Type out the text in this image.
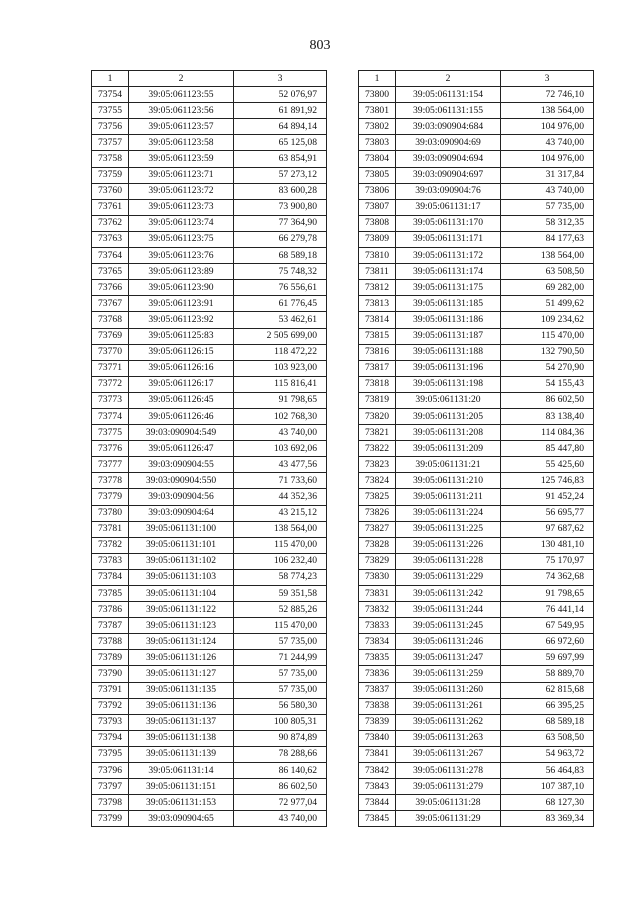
803
1	2	3
73754	39:05:061123:55	52 076,97
73755	39:05:061123:56	61 891,92
73756	39:05:061123:57	64 894,14
73757	39:05:061123:58	65 125,08
73758	39:05:061123:59	63 854,91
73759	39:05:061123:71	57 273,12
73760	39:05:061123:72	83 600,28
73761	39:05:061123:73	73 900,80
73762	39:05:061123:74	77 364,90
73763	39:05:061123:75	66 279,78
73764	39:05:061123:76	68 589,18
73765	39:05:061123:89	75 748,32
73766	39:05:061123:90	76 556,61
73767	39:05:061123:91	61 776,45
73768	39:05:061123:92	53 462,61
73769	39:05:061125:83	2 505 699,00
73770	39:05:061126:15	118 472,22
73771	39:05:061126:16	103 923,00
73772	39:05:061126:17	115 816,41
73773	39:05:061126:45	91 798,65
73774	39:05:061126:46	102 768,30
73775	39:03:090904:549	43 740,00
73776	39:05:061126:47	103 692,06
73777	39:03:090904:55	43 477,56
73778	39:03:090904:550	71 733,60
73779	39:03:090904:56	44 352,36
73780	39:03:090904:64	43 215,12
73781	39:05:061131:100	138 564,00
73782	39:05:061131:101	115 470,00
73783	39:05:061131:102	106 232,40
73784	39:05:061131:103	58 774,23
73785	39:05:061131:104	59 351,58
73786	39:05:061131:122	52 885,26
73787	39:05:061131:123	115 470,00
73788	39:05:061131:124	57 735,00
73789	39:05:061131:126	71 244,99
73790	39:05:061131:127	57 735,00
73791	39:05:061131:135	57 735,00
73792	39:05:061131:136	56 580,30
73793	39:05:061131:137	100 805,31
73794	39:05:061131:138	90 874,89
73795	39:05:061131:139	78 288,66
73796	39:05:061131:14	86 140,62
73797	39:05:061131:151	86 602,50
73798	39:05:061131:153	72 977,04
73799	39:03:090904:65	43 740,00
1	2	3
73800	39:05:061131:154	72 746,10
73801	39:05:061131:155	138 564,00
73802	39:03:090904:684	104 976,00
73803	39:03:090904:69	43 740,00
73804	39:03:090904:694	104 976,00
73805	39:03:090904:697	31 317,84
73806	39:03:090904:76	43 740,00
73807	39:05:061131:17	57 735,00
73808	39:05:061131:170	58 312,35
73809	39:05:061131:171	84 177,63
73810	39:05:061131:172	138 564,00
73811	39:05:061131:174	63 508,50
73812	39:05:061131:175	69 282,00
73813	39:05:061131:185	51 499,62
73814	39:05:061131:186	109 234,62
73815	39:05:061131:187	115 470,00
73816	39:05:061131:188	132 790,50
73817	39:05:061131:196	54 270,90
73818	39:05:061131:198	54 155,43
73819	39:05:061131:20	86 602,50
73820	39:05:061131:205	83 138,40
73821	39:05:061131:208	114 084,36
73822	39:05:061131:209	85 447,80
73823	39:05:061131:21	55 425,60
73824	39:05:061131:210	125 746,83
73825	39:05:061131:211	91 452,24
73826	39:05:061131:224	56 695,77
73827	39:05:061131:225	97 687,62
73828	39:05:061131:226	130 481,10
73829	39:05:061131:228	75 170,97
73830	39:05:061131:229	74 362,68
73831	39:05:061131:242	91 798,65
73832	39:05:061131:244	76 441,14
73833	39:05:061131:245	67 549,95
73834	39:05:061131:246	66 972,60
73835	39:05:061131:247	59 697,99
73836	39:05:061131:259	58 889,70
73837	39:05:061131:260	62 815,68
73838	39:05:061131:261	66 395,25
73839	39:05:061131:262	68 589,18
73840	39:05:061131:263	63 508,50
73841	39:05:061131:267	54 963,72
73842	39:05:061131:278	56 464,83
73843	39:05:061131:279	107 387,10
73844	39:05:061131:28	68 127,30
73845	39:05:061131:29	83 369,34
